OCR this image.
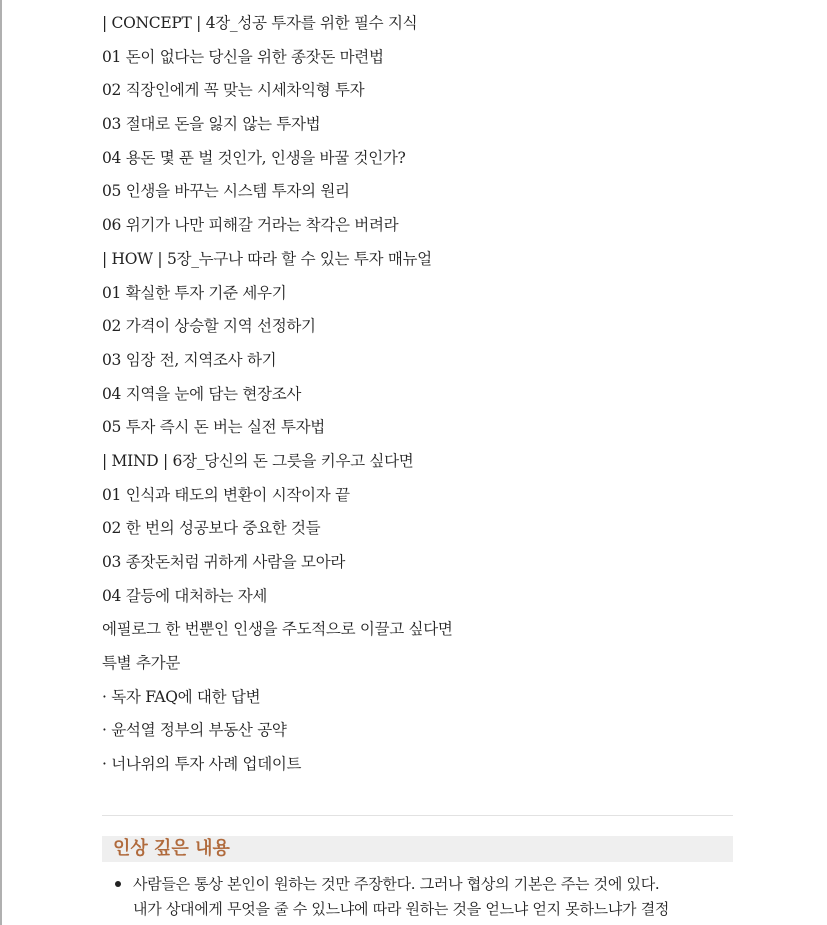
| CONCEPT | 4장_성공 투자를 위한 필수 지식
01 돈이 없다는 당신을 위한 종잣돈 마련법
02 직장인에게 꼭 맞는 시세차익형 투자
03 절대로 돈을 잃지 않는 투자법
04 용돈 몇 푼 벌 것인가, 인생을 바꿀 것인가?
05 인생을 바꾸는 시스템 투자의 원리
06 위기가 나만 피해갈 거라는 착각은 버려라
| HOW | 5장_누구나 따라 할 수 있는 투자 매뉴얼
01 확실한 투자 기준 세우기
02 가격이 상승할 지역 선정하기
03 임장 전, 지역조사 하기
04 지역을 눈에 담는 현장조사
05 투자 즉시 돈 버는 실전 투자법
| MIND | 6장_당신의 돈 그릇을 키우고 싶다면
01 인식과 태도의 변환이 시작이자 끝
02 한 번의 성공보다 중요한 것들
03 종잣돈처럼 귀하게 사람을 모아라
04 갈등에 대처하는 자세
에필로그 한 번뿐인 인생을 주도적으로 이끌고 싶다면
특별 추가문
· 독자 FAQ에 대한 답변
· 윤석열 정부의 부동산 공약
· 너나위의 투자 사례 업데이트
인상 깊은 내용
사람들은 통상 본인이 원하는 것만 주장한다. 그러나 협상의 기본은 주는 것에 있다.
내가 상대에게 무엇을 줄 수 있느냐에 따라 원하는 것을 얻느냐 얻지 못하느냐가 결정
